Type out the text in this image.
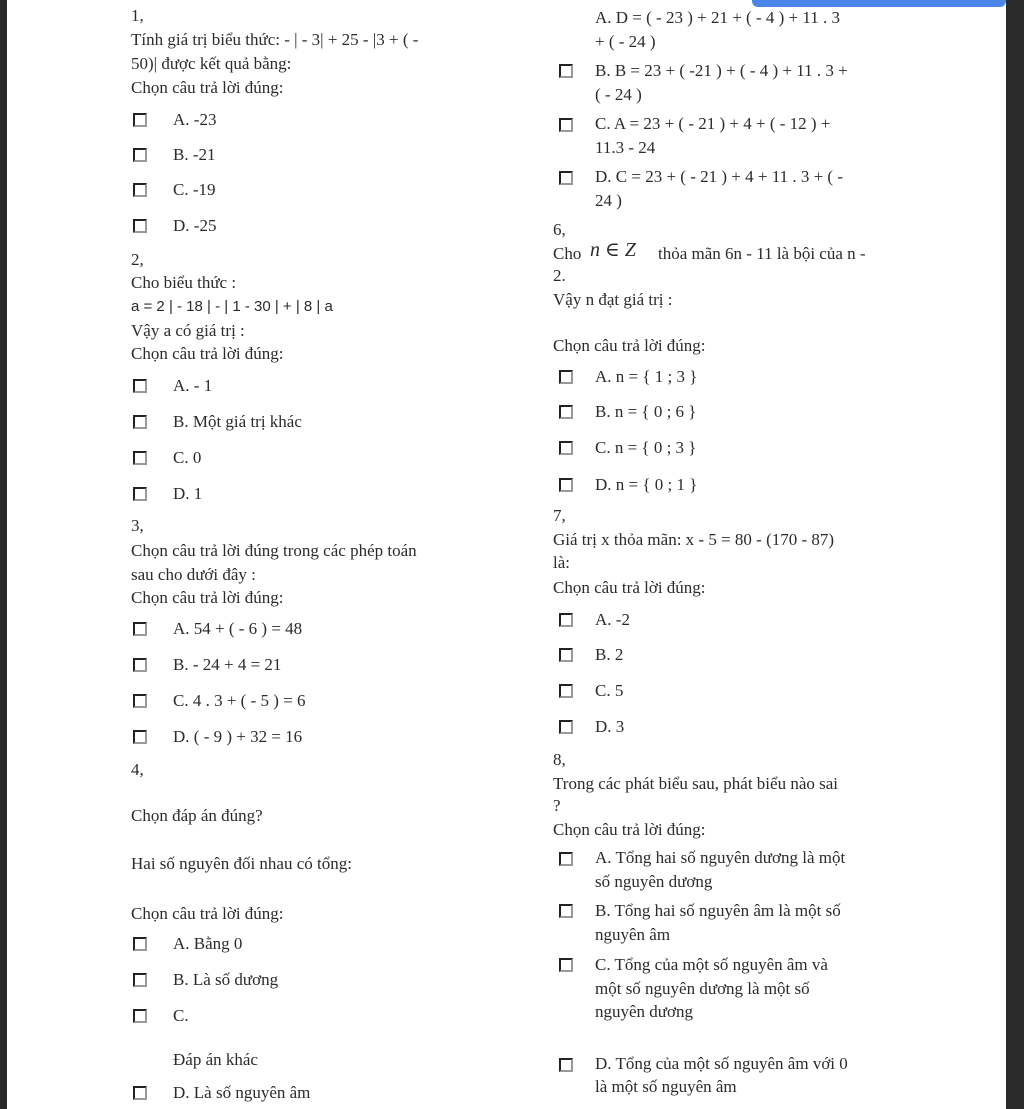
1,
Tính giá trị biểu thức: - | - 3| + 25 - |3 + ( -
50)| được kết quả bằng:
Chọn câu trả lời đúng:
A. -23
B. -21
C. -19
D. -25
2,
Cho biểu thức :
a = 2 | - 18 | - | 1 - 30 | + | 8 | a
Vậy a có giá trị :
Chọn câu trả lời đúng:
A. - 1
B. Một giá trị khác
C. 0
D. 1
3,
Chọn câu trả lời đúng trong các phép toán
sau cho dưới đây :
Chọn câu trả lời đúng:
A. 54 + ( - 6 ) = 48
B. - 24 + 4 = 21
C. 4 . 3 + ( - 5 ) = 6
D. ( - 9 ) + 32 = 16
4,
Chọn đáp án đúng?
Hai số nguyên đối nhau có tổng:
Chọn câu trả lời đúng:
A. Bằng 0
B. Là số dương
C.
Đáp án khác
D. Là số nguyên âm
A. D = ( - 23 ) + 21 + ( - 4 ) + 11 . 3
+ ( - 24 )
B. B = 23 + ( -21 ) + ( - 4 ) + 11 . 3 +
( - 24 )
C. A = 23 + ( - 21 ) + 4 + ( - 12 ) +
11.3 - 24
D. C = 23 + ( - 21 ) + 4 + 11 . 3 + ( -
24 )
6,
Cho n ∈ Z thỏa mãn 6n - 11 là bội của n -
2.
Vậy n đạt giá trị :
Chọn câu trả lời đúng:
A. n = { 1 ; 3 }
B. n = { 0 ; 6 }
C. n = { 0 ; 3 }
D. n = { 0 ; 1 }
7,
Giá trị x thỏa mãn: x - 5 = 80 - (170 - 87)
là:
Chọn câu trả lời đúng:
A. -2
B. 2
C. 5
D. 3
8,
Trong các phát biểu sau, phát biểu nào sai
?
Chọn câu trả lời đúng:
A. Tổng hai số nguyên dương là một
số nguyên dương
B. Tổng hai số nguyên âm là một số
nguyên âm
C. Tổng của một số nguyên âm và
một số nguyên dương là một số
nguyên dương
D. Tổng của một số nguyên âm với 0
là một số nguyên âm
